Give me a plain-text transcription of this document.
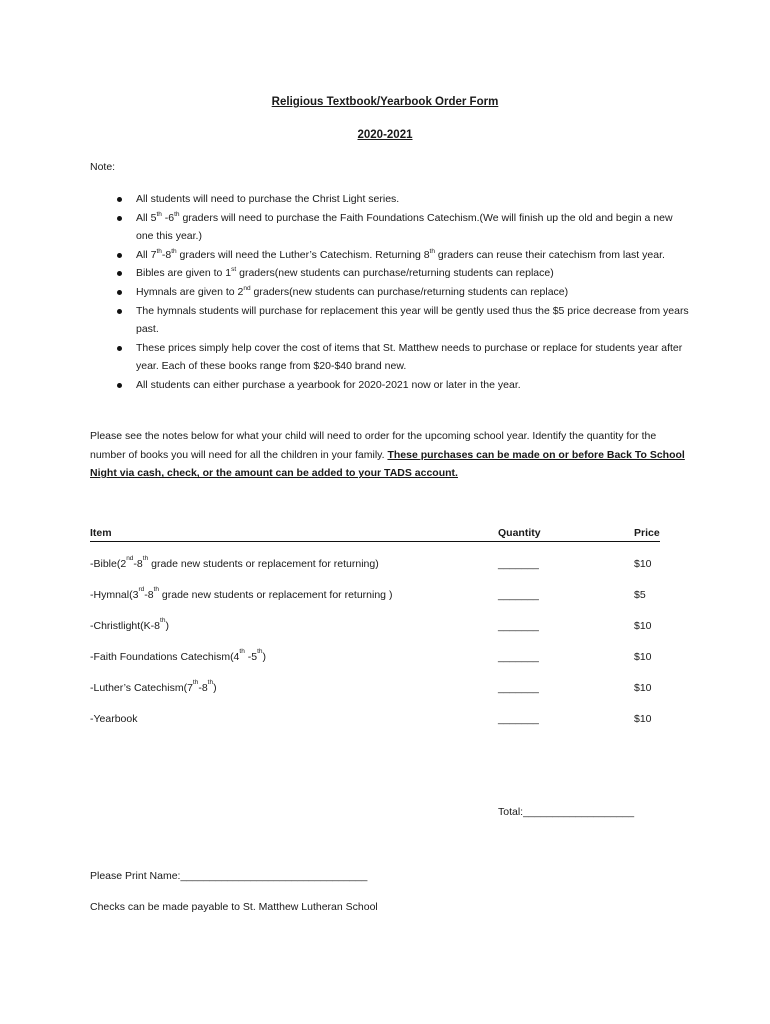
Religious Textbook/Yearbook Order Form
2020-2021
Note:
All students will need to purchase the Christ Light series.
All 5th -6th graders will need to purchase the Faith Foundations Catechism.(We will finish up the old and begin a new one this year.)
All 7th-8th graders will need the Luther’s Catechism. Returning 8th graders can reuse their catechism from last year.
Bibles are given to 1st graders(new students can purchase/returning students can replace)
Hymnals are given to 2nd graders(new students can purchase/returning students can replace)
The hymnals students will purchase for replacement this year will be gently used thus the $5 price decrease from years past.
These prices simply help cover the cost of items that St. Matthew needs to purchase or replace for students year after year. Each of these books range from $20-$40 brand new.
All students can either purchase a yearbook for 2020-2021 now or later in the year.
Please see the notes below for what your child will need to order for the upcoming school year. Identify the quantity for the number of books you will need for all the children in your family. These purchases can be made on or before Back To School Night via cash, check, or the amount can be added to your TADS account.
Item	Quantity	Price
-Bible(2nd-8th grade new students or replacement for returning)	_______	$10
-Hymnal(3rd-8th grade new students or replacement for returning )	_______	$5
-Christlight(K-8th)	_______	$10
-Faith Foundations Catechism(4th -5th)	_______	$10
-Luther’s Catechism(7th-8th)	_______	$10
-Yearbook	_______	$10
Total:___________________
Please Print Name:________________________________
Checks can be made payable to St. Matthew Lutheran School
